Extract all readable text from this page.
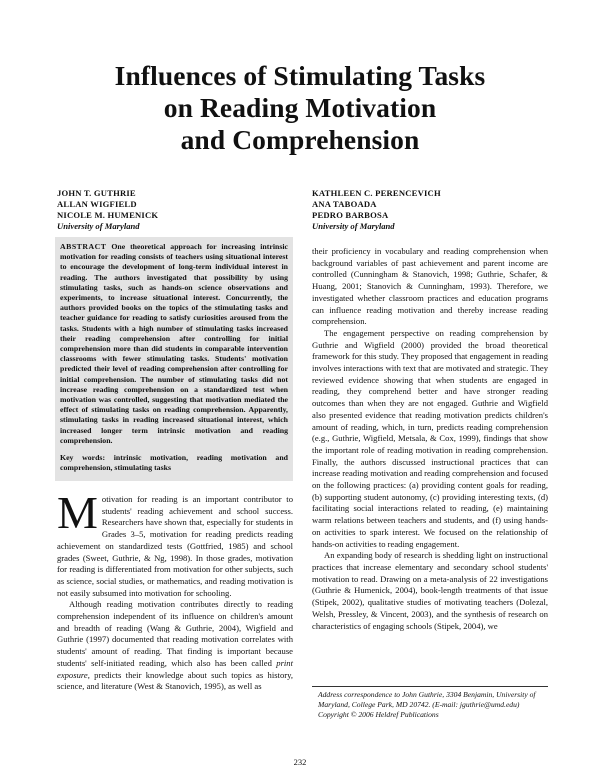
Influences of Stimulating Tasks
on Reading Motivation
and Comprehension
JOHN T. GUTHRIE
ALLAN WIGFIELD
NICOLE M. HUMENICK
University of Maryland
KATHLEEN C. PERENCEVICH
ANA TABOADA
PEDRO BARBOSA
University of Maryland

ABSTRACT One theoretical approach for increasing intrinsic motivation for reading consists of teachers using situational interest to encourage the development of long-term individual interest in reading. The authors investigated that possibility by using stimulating tasks, such as hands-on science observations and experiments, to increase situational interest. Concurrently, the authors provided books on the topics of the stimulating tasks and teacher guidance for reading to satisfy curiosities aroused from the tasks. Students with a high number of stimulating tasks increased their reading comprehension after controlling for initial comprehension more than did students in comparable intervention classrooms with fewer stimulating tasks. Students' motivation predicted their level of reading comprehension after controlling for initial comprehension. The number of stimulating tasks did not increase reading comprehension on a standardized test when motivation was controlled, suggesting that motivation mediated the effect of stimulating tasks on reading comprehension. Apparently, stimulating tasks in reading increased situational interest, which increased longer term intrinsic motivation and reading comprehension.

Key words: intrinsic motivation, reading motivation and comprehension, stimulating tasks

Motivation for reading is an important contributor to students' reading achievement and school success. Researchers have shown that, especially for students in Grades 3–5, motivation for reading predicts reading achievement on standardized tests (Gottfried, 1985) and school grades (Sweet, Guthrie, & Ng, 1998). In those grades, motivation for reading is differentiated from motivation for other subjects, such as science, social studies, or mathematics, and reading motivation is not easily subsumed into motivation for schooling.

Although reading motivation contributes directly to reading comprehension independent of its influence on children's amount and breadth of reading (Wang & Guthrie, 2004), Wigfield and Guthrie (1997) documented that reading motivation correlates with students' amount of reading. That finding is important because students' self-initiated reading, which also has been called print exposure, predicts their knowledge about such topics as history, science, and literature (West & Stanovich, 1995), as well as

their proficiency in vocabulary and reading comprehension when background variables of past achievement and parent income are controlled (Cunningham & Stanovich, 1998; Guthrie, Schafer, & Huang, 2001; Stanovich & Cunningham, 1993). Therefore, we investigated whether classroom practices and education programs can influence reading motivation and thereby increase reading comprehension.

The engagement perspective on reading comprehension by Guthrie and Wigfield (2000) provided the broad theoretical framework for this study. They proposed that engagement in reading involves interactions with text that are motivated and strategic. They reviewed evidence showing that when students are engaged in reading, they comprehend better and have stronger reading outcomes than when they are not engaged. Guthrie and Wigfield also presented evidence that reading motivation predicts children's amount of reading, which, in turn, predicts reading comprehension (e.g., Guthrie, Wigfield, Metsala, & Cox, 1999), findings that show the important role of reading motivation in reading comprehension. Finally, the authors discussed instructional practices that can increase reading motivation and reading comprehension and focused on the following practices: (a) providing content goals for reading, (b) supporting student autonomy, (c) providing interesting texts, (d) facilitating social interactions related to reading, (e) maintaining warm relations between teachers and students, and (f) using hands-on activities to spark interest. We focused on the relationship of hands-on activities to reading engagement.

An expanding body of research is shedding light on instructional practices that increase elementary and secondary school students' motivation to read. Drawing on a meta-analysis of 22 investigations (Guthrie & Humenick, 2004), book-length treatments of that issue (Stipek, 2002), qualitative studies of motivating teachers (Dolezal, Welsh, Pressley, & Vincent, 2003), and the synthesis of research on characteristics of engaging schools (Stipek, 2004), we

Address correspondence to John Guthrie, 3304 Benjamin, University of Maryland, College Park, MD 20742. (E-mail: jguthrie@umd.edu)
Copyright © 2006 Heldref Publications
232
